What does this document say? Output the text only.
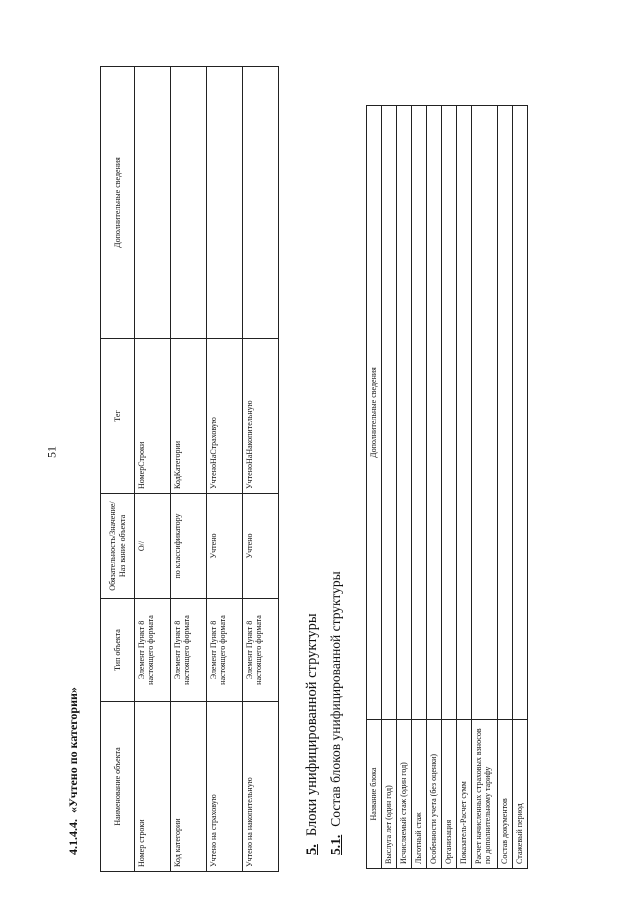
51
4.1.4.4.«Учтено по категории»	Наименование объекта	Тип объекта	Обязательность/Значение/Наз вание объекта	Тег	Дополнительные сведения
Номер строки	Элемент Пункт 8 настоящего формата	О//	НомерСтроки	
Код категории	Элемент Пункт 8 настоящего формата	по классификатору	КодКатегории	
Учтено на страховую	Элемент Пункт 8 настоящего формата	Учтено	УчтеноНаСтраховую	
Учтено на накопительную	Элемент Пункт 8 настоящего формата	Учтено	УчтеноНаНакопительную	
5.Блоки унифицированной структуры
5.1.Состав блоков унифицированной структуры	Название блока	Дополнительные сведения
Выслуга лет (один год)	
Исчисляемый стаж (один год)	
Льготный стаж	
Особенности учета (без оценки)	
Организация	
Показатель-Расчет сумм	
Расчет начисленных страховых взносов по дополнительному тарифу	
Состав документов	
Стажевый период	
